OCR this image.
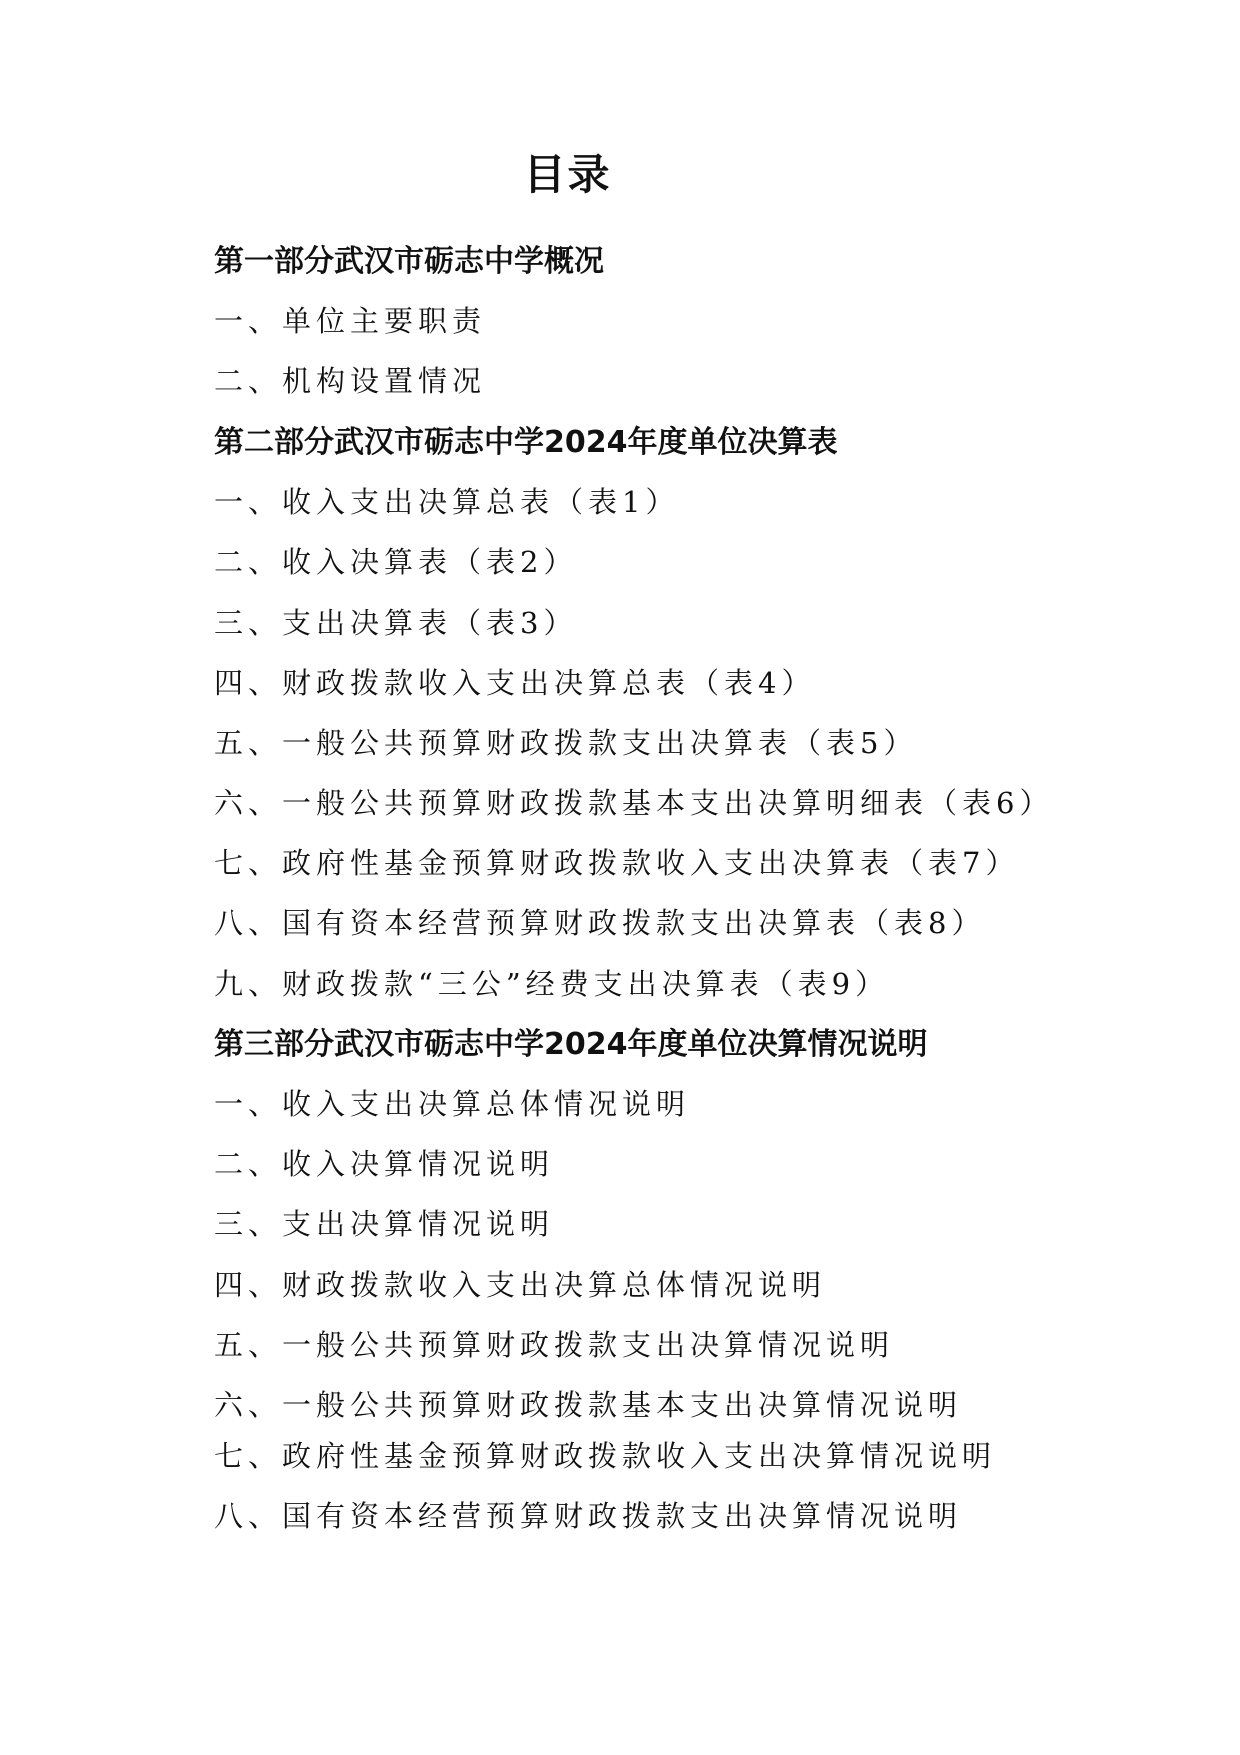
目录
第一部分武汉市砺志中学概况
一、单位主要职责
二、机构设置情况
第二部分武汉市砺志中学2024年度单位决算表
一、收入支出决算总表（表1）
二、收入决算表（表2）
三、支出决算表（表3）
四、财政拨款收入支出决算总表（表4）
五、一般公共预算财政拨款支出决算表（表5）
六、一般公共预算财政拨款基本支出决算明细表（表6）
七、政府性基金预算财政拨款收入支出决算表（表7）
八、国有资本经营预算财政拨款支出决算表（表8）
九、财政拨款“三公”经费支出决算表（表9）
第三部分武汉市砺志中学2024年度单位决算情况说明
一、收入支出决算总体情况说明
二、收入决算情况说明
三、支出决算情况说明
四、财政拨款收入支出决算总体情况说明
五、一般公共预算财政拨款支出决算情况说明
六、一般公共预算财政拨款基本支出决算情况说明
七、政府性基金预算财政拨款收入支出决算情况说明
八、国有资本经营预算财政拨款支出决算情况说明
